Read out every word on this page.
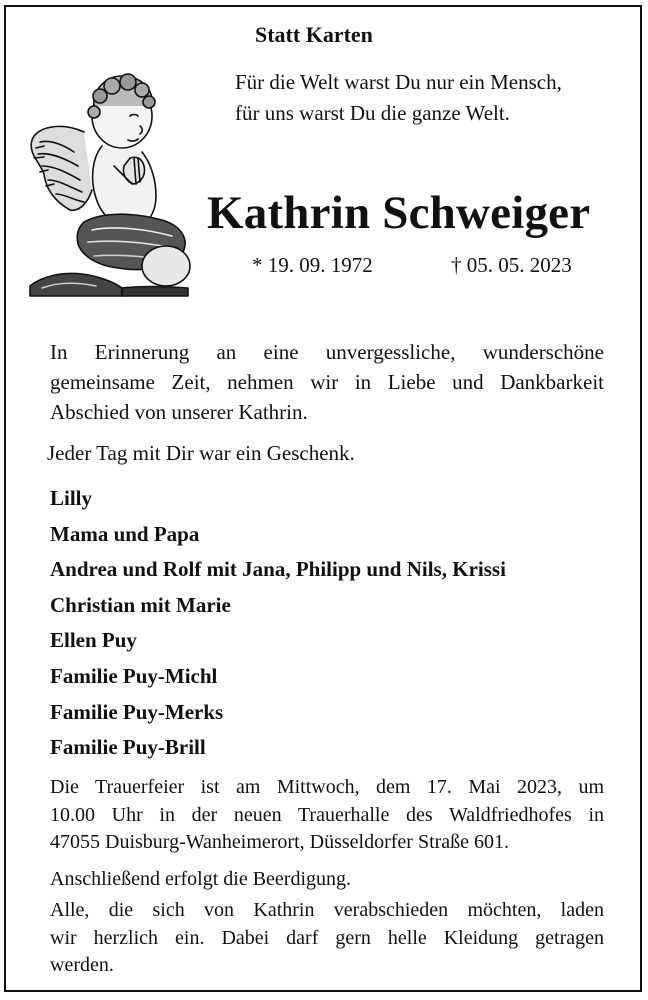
Statt Karten
Für die Welt warst Du nur ein Mensch,
für uns warst Du die ganze Welt.
Kathrin Schweiger
* 19. 09. 1972	† 05. 05. 2023
In Erinnerung an eine unvergessliche, wunderschöne
gemeinsame Zeit, nehmen wir in Liebe und Dankbarkeit
Abschied von unserer Kathrin.
Jeder Tag mit Dir war ein Geschenk.
Lilly
Mama und Papa
Andrea und Rolf mit Jana, Philipp und Nils, Krissi
Christian mit Marie
Ellen Puy
Familie Puy-Michl
Familie Puy-Merks
Familie Puy-Brill
Die Trauerfeier ist am Mittwoch, dem 17. Mai 2023, um
10.00 Uhr in der neuen Trauerhalle des Waldfriedhofes in
47055 Duisburg-Wanheimerort, Düsseldorfer Straße 601.
Anschließend erfolgt die Beerdigung.
Alle, die sich von Kathrin verabschieden möchten, laden
wir herzlich ein. Dabei darf gern helle Kleidung getragen
werden.
